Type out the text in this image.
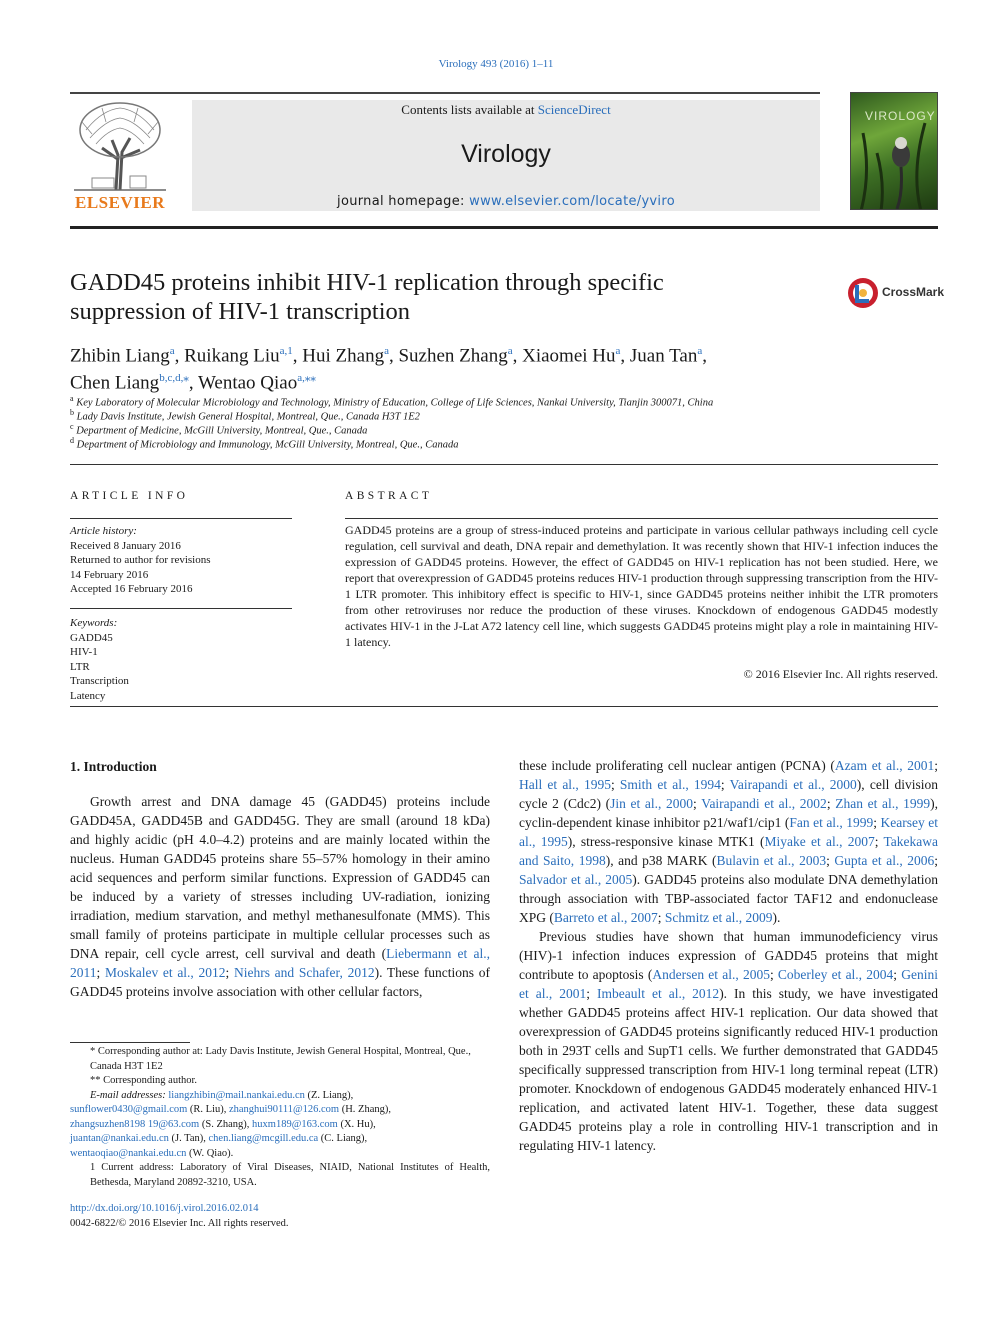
Virology 493 (2016) 1–11
ELSEVIER
Contents lists available at ScienceDirect
Virology
journal homepage: www.elsevier.com/locate/yviro
VIROLOGY
GADD45 proteins inhibit HIV-1 replication through specific
suppression of HIV-1 transcription
CrossMark
Zhibin Liang$^a$, Ruikang Liu$^{a,1}$, Hui Zhang$^a$, Suzhen Zhang$^a$, Xiaomei Hu$^a$, Juan Tan$^a$,
Chen Liang$^{b,c,d,⁎}$, Wentao Qiao$^{a,⁎⁎}$
$^a$ Key Laboratory of Molecular Microbiology and Technology, Ministry of Education, College of Life Sciences, Nankai University, Tianjin 300071, China
$^b$ Lady Davis Institute, Jewish General Hospital, Montreal, Que., Canada H3T 1E2
$^c$ Department of Medicine, McGill University, Montreal, Que., Canada
$^d$ Department of Microbiology and Immunology, McGill University, Montreal, Que., Canada
ARTICLE INFO
Article history:
Received 8 January 2016
Returned to author for revisions
14 February 2016
Accepted 16 February 2016
Keywords:
GADD45
HIV-1
LTR
Transcription
Latency
ABSTRACT
GADD45 proteins are a group of stress-induced proteins and participate in various cellular pathways including cell cycle regulation, cell survival and death, DNA repair and demethylation. It was recently shown that HIV-1 infection induces the expression of GADD45 proteins. However, the effect of GADD45 on HIV-1 replication has not been studied. Here, we report that overexpression of GADD45 proteins reduces HIV-1 production through suppressing transcription from the HIV-1 LTR promoter. This inhibitory effect is specific to HIV-1, since GADD45 proteins neither inhibit the LTR promoters from other retroviruses nor reduce the production of these viruses. Knockdown of endogenous GADD45 modestly activates HIV-1 in the J-Lat A72 latency cell line, which suggests GADD45 proteins might play a role in maintaining HIV-1 latency.
© 2016 Elsevier Inc. All rights reserved.
1. Introduction

Growth arrest and DNA damage 45 (GADD45) proteins include GADD45A, GADD45B and GADD45G. They are small (around 18 kDa) and highly acidic (pH 4.0–4.2) proteins and are mainly located within the nucleus. Human GADD45 proteins share 55–57% homology in their amino acid sequences and perform similar functions. Expression of GADD45 can be induced by a variety of stresses including UV-radiation, ionizing irradiation, medium starvation, and methyl methanesulfonate (MMS). This small family of proteins participate in multiple cellular processes such as DNA repair, cell cycle arrest, cell survival and death (Liebermann et al., 2011; Moskalev et al., 2012; Niehrs and Schafer, 2012). These functions of GADD45 proteins involve association with other cellular factors,

these include proliferating cell nuclear antigen (PCNA) (Azam et al., 2001; Hall et al., 1995; Smith et al., 1994; Vairapandi et al., 2000), cell division cycle 2 (Cdc2) (Jin et al., 2000; Vairapandi et al., 2002; Zhan et al., 1999), cyclin-dependent kinase inhibitor p21/waf1/cip1 (Fan et al., 1999; Kearsey et al., 1995), stress-responsive kinase MTK1 (Miyake et al., 2007; Takekawa and Saito, 1998), and p38 MARK (Bulavin et al., 2003; Gupta et al., 2006; Salvador et al., 2005). GADD45 proteins also modulate DNA demethylation through association with TBP-associated factor TAF12 and endonuclease XPG (Barreto et al., 2007; Schmitz et al., 2009).

Previous studies have shown that human immunodeficiency virus (HIV)-1 infection induces expression of GADD45 proteins that might contribute to apoptosis (Andersen et al., 2005; Coberley et al., 2004; Genini et al., 2001; Imbeault et al., 2012). In this study, we have investigated whether GADD45 proteins affect HIV-1 replication. Our data showed that overexpression of GADD45 proteins significantly reduced HIV-1 production both in 293T cells and SupT1 cells. We further demonstrated that GADD45 specifically suppressed transcription from HIV-1 long terminal repeat (LTR) promoter. Knockdown of endogenous GADD45 moderately enhanced HIV-1 replication, and activated latent HIV-1. Together, these data suggest GADD45 proteins play a role in controlling HIV-1 transcription and in regulating HIV-1 latency.

* Corresponding author at: Lady Davis Institute, Jewish General Hospital, Montreal, Que., Canada H3T 1E2
** Corresponding author.
E-mail addresses: liangzhibin@mail.nankai.edu.cn (Z. Liang),
sunflower0430@gmail.com (R. Liu), zhanghui90111@126.com (H. Zhang),
zhangsuzhen8198 19@63.com (S. Zhang), huxm189@163.com (X. Hu),
juantan@nankai.edu.cn (J. Tan), chen.liang@mcgill.edu.ca (C. Liang),
wentaoqiao@nankai.edu.cn (W. Qiao).
1 Current address: Laboratory of Viral Diseases, NIAID, National Institutes of Health, Bethesda, Maryland 20892-3210, USA.
http://dx.doi.org/10.1016/j.virol.2016.02.014
0042-6822/© 2016 Elsevier Inc. All rights reserved.
